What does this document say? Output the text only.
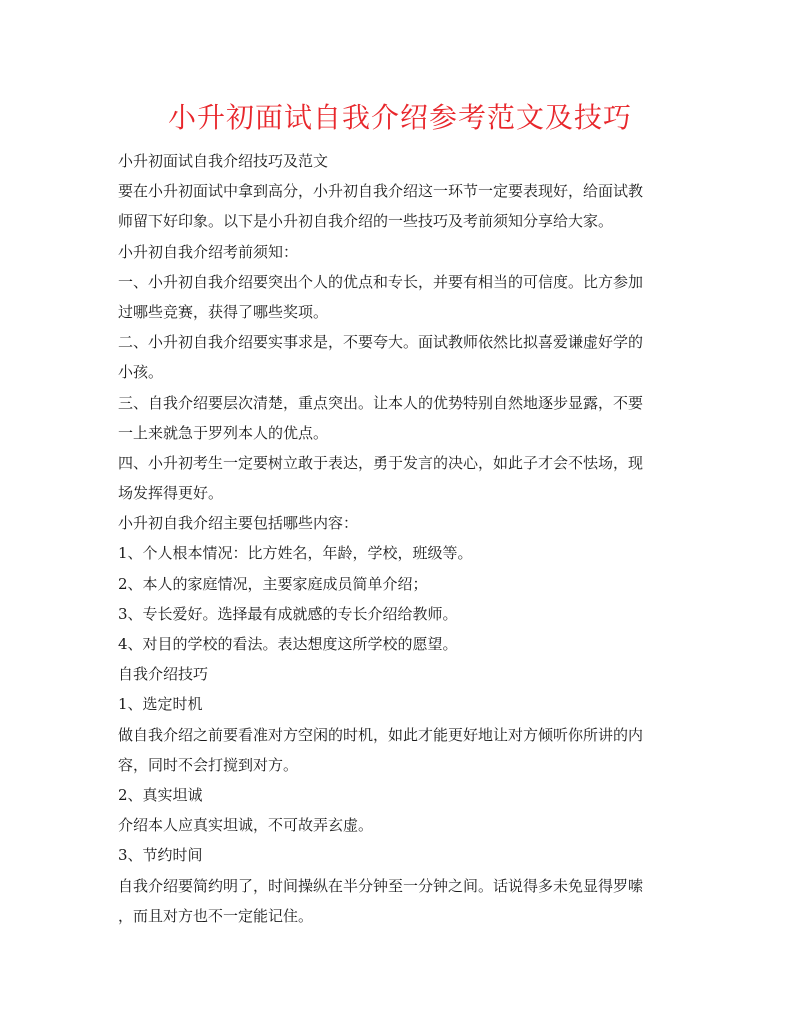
小升初面试自我介绍参考范文及技巧
小升初面试自我介绍技巧及范文
要在小升初面试中拿到高分，小升初自我介绍这一环节一定要表现好，给面试教
师留下好印象。以下是小升初自我介绍的一些技巧及考前须知分享给大家。
小升初自我介绍考前须知：
一、小升初自我介绍要突出个人的优点和专长，并要有相当的可信度。比方参加
过哪些竞赛，获得了哪些奖项。
二、小升初自我介绍要实事求是，不要夸大。面试教师依然比拟喜爱谦虚好学的
小孩。
三、自我介绍要层次清楚，重点突出。让本人的优势特别自然地逐步显露，不要
一上来就急于罗列本人的优点。
四、小升初考生一定要树立敢于表达，勇于发言的决心，如此子才会不怯场，现
场发挥得更好。
小升初自我介绍主要包括哪些内容：
1、个人根本情况：比方姓名，年龄，学校，班级等。
2、本人的家庭情况，主要家庭成员简单介绍；
3、专长爱好。选择最有成就感的专长介绍给教师。
4、对目的学校的看法。表达想度这所学校的愿望。
自我介绍技巧
1、选定时机
做自我介绍之前要看准对方空闲的时机，如此才能更好地让对方倾听你所讲的内
容，同时不会打搅到对方。
2、真实坦诚
介绍本人应真实坦诚，不可故弄玄虚。
3、节约时间
自我介绍要简约明了，时间操纵在半分钟至一分钟之间。话说得多未免显得罗嗦
，而且对方也不一定能记住。
